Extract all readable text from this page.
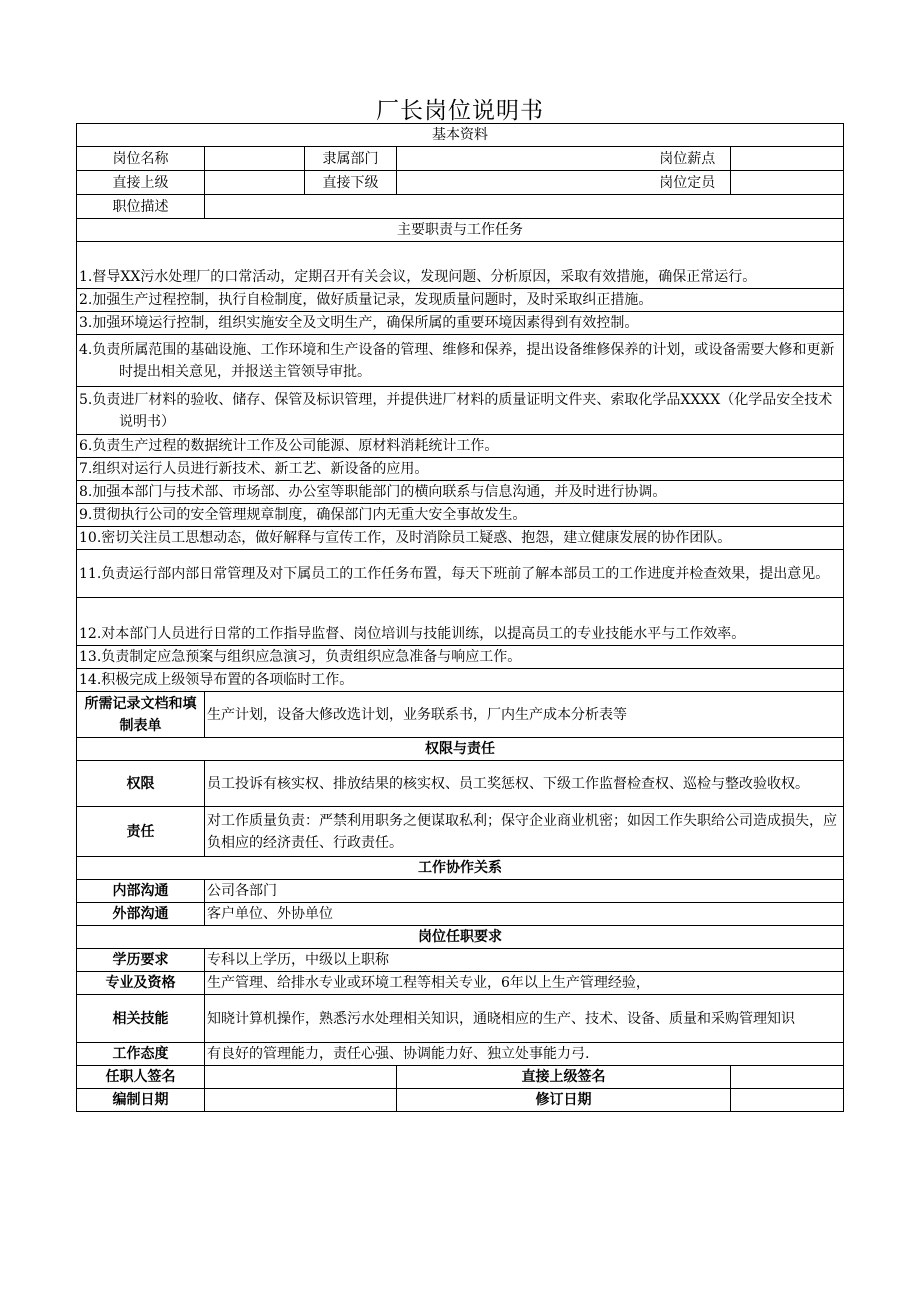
厂长岗位说明书
基本资料					
岗位名称		隶属部门		岗位薪点	
直接上级		直接下级		岗位定员	
职位描述					
主要职责与工作任务					
1.督导XX污水处理厂的口常活动，定期召开有关会议，发现问题、分析原因，采取有效措施，确保正常运行。					
2.加强生产过程控制，执行自检制度，做好质量记录，发现质量问题时，及时采取纠正措施。					
3.加强环境运行控制，组织实施安全及文明生产，确保所属的重要环境因素得到有效控制。					

4.负责所属范围的基础设施、工作环境和生产设备的管理、维修和保养，提出设备维修保养的计划，或设备需要大修和更新时提出相关意见，并报送主管领导审批。					

5.负责进厂材料的验收、储存、保管及标识管理，并提供进厂材料的质量证明文件夹、索取化学品XXXX（化学品安全技术说明书）					

6.负责生产过程的数据统计工作及公司能源、原材料消耗统计工作。					
7.组织对运行人员进行新技术、新工艺、新设备的应用。					
8.加强本部门与技术部、市场部、办公室等职能部门的横向联系与信息沟通，并及时进行协调。					
9.贯彻执行公司的安全管理规章制度，确保部门内无重大安全事故发生。					
10.密切关注员工思想动态，做好解释与宣传工作，及时消除员工疑惑、抱怨，建立健康发展的协作团队。					

11.负责运行部内部日常管理及对下属员工的工作任务布置，每天下班前了解本部员工的工作进度并检查效果，提出意见。					

12.对本部门人员进行日常的工作指导监督、岗位培训与技能训练，以提高员工的专业技能水平与工作效率。					
13.负责制定应急预案与组织应急演习，负责组织应急准备与响应工作。					
14.积极完成上级领导布置的各项临时工作。					
所需记录文档和填制表单	生产计划，设备大修改选计划，业务联系书，厂内生产成本分析表等				
权限与责任					
权限	员工投诉有核实权、排放结果的核实权、员工奖惩权、下级工作监督检查权、巡检与整改验收权。				
责任	对工作质量负责：严禁利用职务之便谋取私利；保守企业商业机密；如因工作失职给公司造成损失，应负相应的经济责任、行政责任。				
工作协作关系					
内部沟通	公司各部门				
外部沟通	客户单位、外协单位				
岗位任职要求					
学历要求	专科以上学历，中级以上职称				
专业及资格	生产管理、给排水专业或环境工程等相关专业，6年以上生产管理经验，				
相关技能	知晓计算机操作，熟悉污水处理相关知识，通晓相应的生产、技术、设备、质量和采购管理知识				
工作态度	有良好的管理能力，责任心强、协调能力好、独立处事能力弓.				
任职人签名			直接上级签名		
编制日期			修订日期		
